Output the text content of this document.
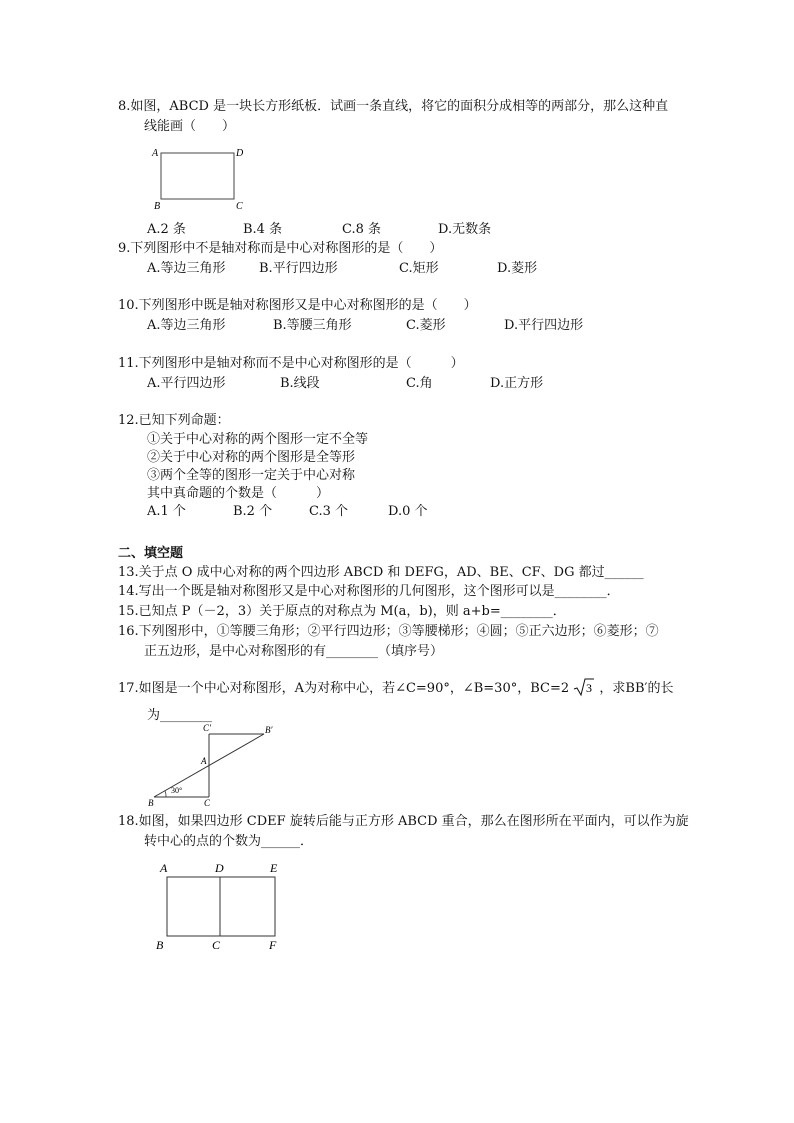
8.如图，ABCD 是一块长方形纸板．试画一条直线，将它的面积分成相等的两部分，那么这种直
线能画（　　）
A	D
B	C
A.2 条	B.4 条	C.8 条	D.无数条
9.下列图形中不是轴对称而是中心对称图形的是（　　）
A.等边三角形	B.平行四边形	C.矩形	D.菱形
10.下列图形中既是轴对称图形又是中心对称图形的是（　　）
A.等边三角形	B.等腰三角形	C.菱形	D.平行四边形
11.下列图形中是轴对称而不是中心对称图形的是（　　　）
A.平行四边形	B.线段	C.角	D.正方形
12.已知下列命题：
①关于中心对称的两个图形一定不全等
②关于中心对称的两个图形是全等形
③两个全等的图形一定关于中心对称
其中真命题的个数是（　　　）
A.1 个	B.2 个	C.3 个	D.0 个
二、填空题
13.关于点 O 成中心对称的两个四边形 ABCD 和 DEFG，AD、BE、CF、DG 都过______
14.写出一个既是轴对称图形又是中心对称图形的几何图形，这个图形可以是________．
15.已知点 P（－2，3）关于原点的对称点为 M(a，b)，则 a+b=________．
16.下列图形中，①等腰三角形；②平行四边形；③等腰梯形；④圆；⑤正六边形；⑥菱形；⑦
正五边形，是中心对称图形的有________（填序号）
17.如图是一个中心对称图形，A为对称中心，若∠C=90°，∠B=30°，BC=2 3 ，求BB′的长
为________
C′	B′
A
B	C
30°
18.如图，如果四边形 CDEF 旋转后能与正方形 ABCD 重合，那么在图形所在平面内，可以作为旋
转中心的点的个数为______．
A	D	E
B	C	F
